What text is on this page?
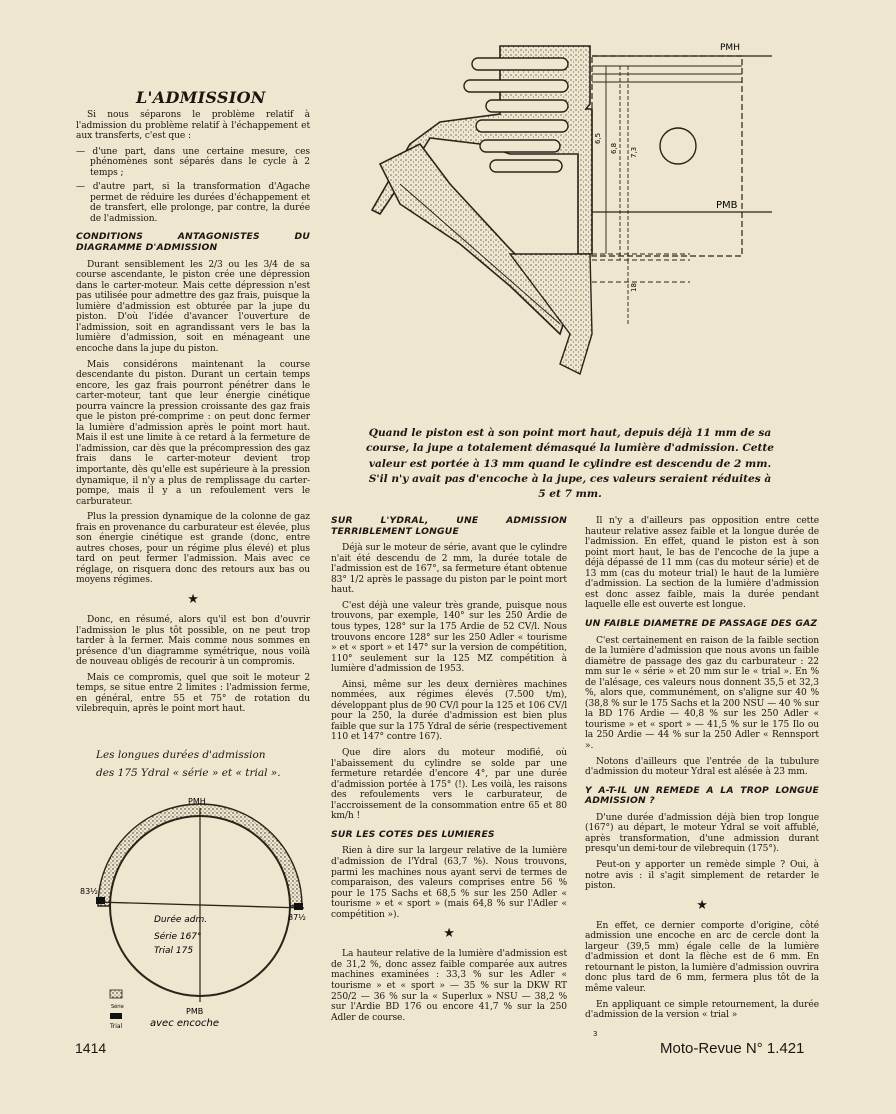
L'ADMISSION

Si nous séparons le problème relatif à l'admission du problème relatif à l'échappement et aux transferts, c'est que :

— d'une part, dans une certaine mesure, ces phénomènes sont séparés dans le cycle à 2 temps ;
— d'autre part, si la transformation d'Agache permet de réduire les durées d'échappement et de transfert, elle prolonge, par contre, la durée de l'admission.
CONDITIONS ANTAGONISTES DU DIAGRAMME D'ADMISSION

Durant sensiblement les 2/3 ou les 3/4 de sa course ascendante, le piston crée une dépression dans le carter-moteur. Mais cette dépression n'est pas utilisée pour admettre des gaz frais, puisque la lumière d'admission est obturée par la jupe du piston. D'où l'idée d'avancer l'ouverture de l'admission, soit en agrandissant vers le bas la lumière d'admission, soit en ménageant une encoche dans la jupe du piston.

Mais considérons maintenant la course descendante du piston. Durant un certain temps encore, les gaz frais pourront pénétrer dans le carter-moteur, tant que leur énergie cinétique pourra vaincre la pression croissante des gaz frais que le piston pré-comprime : on peut donc fermer la lumière d'admission après le point mort haut. Mais il est une limite à ce retard à la fermeture de l'admission, car dès que la précompression des gaz frais dans le carter-moteur devient trop importante, dès qu'elle est supérieure à la pression dynamique, il n'y a plus de remplissage du carter-pompe, mais il y a un refoulement vers le carburateur.

Plus la pression dynamique de la colonne de gaz frais en provenance du carburateur est élevée, plus son énergie cinétique est grande (donc, entre autres choses, pour un régime plus élevé) et plus tard on peut fermer l'admission. Mais avec ce réglage, on risquera donc des retours aux bas ou moyens régimes.

★

Donc, en résumé, alors qu'il est bon d'ouvrir l'admission le plus tôt possible, on ne peut trop tarder à la fermer. Mais comme nous sommes en présence d'un diagramme symétrique, nous voilà de nouveau obligés de recourir à un compromis.

Mais ce compromis, quel que soit le moteur 2 temps, se situe entre 2 limites : l'admission ferme, en général, entre 55 et 75° de rotation du vilebrequin, après le point mort haut.

Les longues durées d'admission
des 175 Ydral « série » et « trial ».
PMH
PMB
83½
87½
Durée adm.
Série 167°
Trial 175
Série
Trial	avec encoche
PMH
PMB
6,5
6,8 7,3
18
Quand le piston est à son point mort haut, depuis déjà 11 mm de sa course, la jupe a totalement démasqué la lumière d'admission. Cette valeur est portée à 13 mm quand le cylindre est descendu de 2 mm. S'il n'y avait pas d'encoche à la jupe, ces valeurs seraient réduites à 5 et 7 mm.
SUR L'YDRAL, UNE ADMISSION TERRIBLEMENT LONGUE

Déjà sur le moteur de série, avant que le cylindre n'ait été descendu de 2 mm, la durée totale de l'admission est de 167°, sa fermeture étant obtenue 83° 1/2 après le passage du piston par le point mort haut.

C'est déjà une valeur très grande, puisque nous trouvons, par exemple, 140° sur les 250 Ardie de tous types, 128° sur la 175 Ardie de 52 CV/l. Nous trouvons encore 128° sur les 250 Adler « tourisme » et « sport » et 147° sur la version de compétition, 110° seulement sur la 125 MZ compétition à lumière d'admission de 1953.

Ainsi, même sur les deux dernières machines nommées, aux régimes élevés (7.500 t/m), développant plus de 90 CV/l pour la 125 et 106 CV/l pour la 250, la durée d'admission est bien plus faible que sur la 175 Ydral de série (respectivement 110 et 147° contre 167).

Que dire alors du moteur modifié, où l'abaissement du cylindre se solde par une fermeture retardée d'encore 4°, par une durée d'admission portée à 175° (!). Les voilà, les raisons des refoulements vers le carburateur, de l'accroissement de la consommation entre 65 et 80 km/h !

SUR LES COTES DES LUMIERES

Rien à dire sur la largeur relative de la lumière d'admission de l'Ydral (63,7 %). Nous trouvons, parmi les machines nous ayant servi de termes de comparaison, des valeurs comprises entre 56 % pour le 175 Sachs et 68,5 % sur les 250 Adler « tourisme » et « sport » (mais 64,8 % sur l'Adler « compétition »).

★

La hauteur relative de la lumière d'admission est de 31,2 %, donc assez faible comparée aux autres machines examinées : 33,3 % sur les Adler « tourisme » et « sport » — 35 % sur la DKW RT 250/2 — 36 % sur la « Superlux » NSU — 38,2 % sur l'Ardie BD 176 ou encore 41,7 % sur la 250 Adler de course.

Il n'y a d'ailleurs pas opposition entre cette hauteur relative assez faible et la longue durée de l'admission. En effet, quand le piston est à son point mort haut, le bas de l'encoche de la jupe a déjà dépassé de 11 mm (cas du moteur série) et de 13 mm (cas du moteur trial) le haut de la lumière d'admission. La section de la lumière d'admission est donc assez faible, mais la durée pendant laquelle elle est ouverte est longue.

UN FAIBLE DIAMETRE DE PASSAGE DES GAZ

C'est certainement en raison de la faible section de la lumière d'admission que nous avons un faible diamètre de passage des gaz du carburateur : 22 mm sur le « série » et 20 mm sur le « trial ». En % de l'alésage, ces valeurs nous donnent 35,5 et 32,3 %, alors que, communément, on s'aligne sur 40 % (38,8 % sur le 175 Sachs et la 200 NSU — 40 % sur la BD 176 Ardie — 40,8 % sur les 250 Adler « tourisme » et « sport » — 41,5 % sur le 175 Ilo ou la 250 Ardie — 44 % sur la 250 Adler « Rennsport ».

Notons d'ailleurs que l'entrée de la tubulure d'admission du moteur Ydral est alésée à 23 mm.

Y A-T-IL UN REMEDE A LA TROP LONGUE ADMISSION ?

D'une durée d'admission déjà bien trop longue (167°) au départ, le moteur Ydral se voit affublé, après transformation, d'une admission durant presqu'un demi-tour de vilebrequin (175°).

Peut-on y apporter un remède simple ? Oui, à notre avis : il s'agit simplement de retarder le piston.

★

En effet, ce dernier comporte d'origine, côté admission une encoche en arc de cercle dont la largeur (39,5 mm) égale celle de la lumière d'admission et dont la flèche est de 6 mm. En retournant le piston, la lumière d'admission ouvrira donc plus tard de 6 mm, fermera plus tôt de la même valeur.

En appliquant ce simple retournement, la durée d'admission de la version « trial »

1414
3
Moto-Revue N° 1.421
